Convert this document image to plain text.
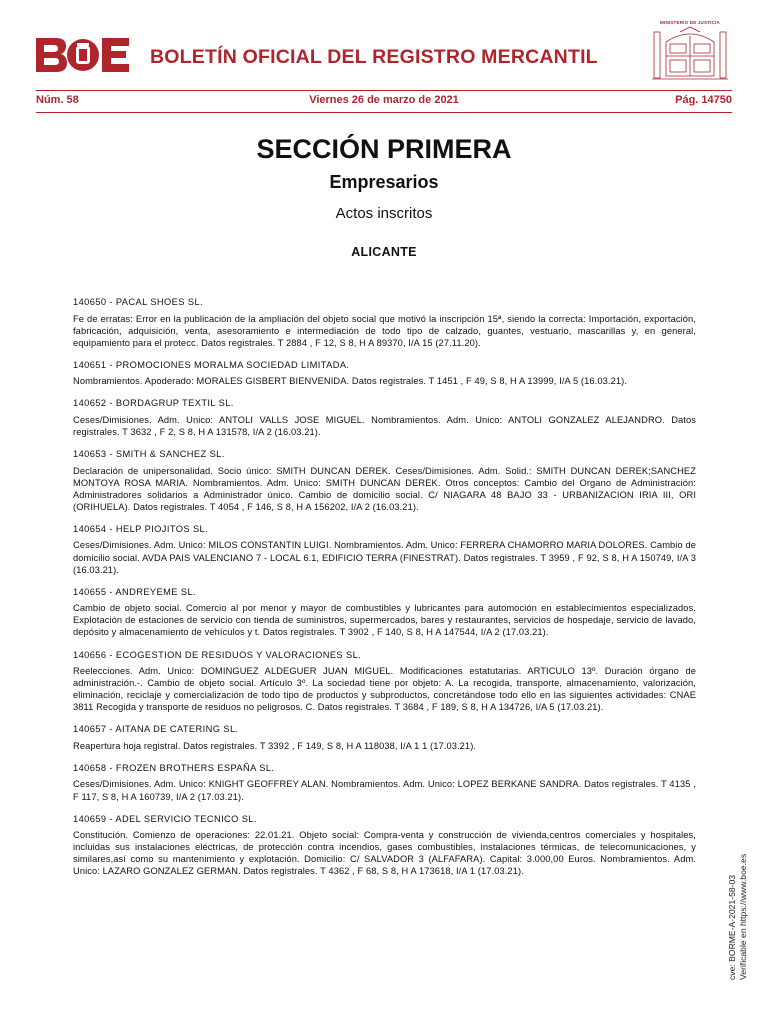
BOLETÍN OFICIAL DEL REGISTRO MERCANTIL
MINISTERIO DE JUSTICIA
Núm. 58	Viernes 26 de marzo de 2021	Pág. 14750
SECCIÓN PRIMERA
Empresarios
Actos inscritos
ALICANTE

140650 - PACAL SHOES SL.

Fe de erratas: Error en la publicación de la ampliación del objeto social que motivó la inscripción 15ª, siendo la correcta: Importación, exportación, fabricación, adquisición, venta, asesoramiento e intermediación de todo tipo de calzado, guantes, vestuario, mascarillas y, en general, equipamiento para el protecc. Datos registrales. T 2884 , F 12, S 8, H A 89370, I/A 15 (27.11.20).

140651 - PROMOCIONES MORALMA SOCIEDAD LIMITADA.

Nombramientos. Apoderado: MORALES GISBERT BIENVENIDA. Datos registrales. T 1451 , F 49, S 8, H A 13999, I/A 5 (16.03.21).

140652 - BORDAGRUP TEXTIL SL.

Ceses/Dimisiones. Adm. Unico: ANTOLI VALLS JOSE MIGUEL. Nombramientos. Adm. Unico: ANTOLI GONZALEZ ALEJANDRO. Datos registrales. T 3632 , F 2, S 8, H A 131578, I/A 2 (16.03.21).

140653 - SMITH & SANCHEZ SL.

Declaración de unipersonalidad. Socio único: SMITH DUNCAN DEREK. Ceses/Dimisiones. Adm. Solid.: SMITH DUNCAN DEREK;SANCHEZ MONTOYA ROSA MARIA. Nombramientos. Adm. Unico: SMITH DUNCAN DEREK. Otros conceptos: Cambio del Organo de Administración: Administradores solidarios a Administrador único. Cambio de domicilio social. C/ NIAGARA 48 BAJO 33 - URBANIZACION IRIA III, ORI (ORIHUELA). Datos registrales. T 4054 , F 146, S 8, H A 156202, I/A 2 (16.03.21).

140654 - HELP PIOJITOS SL.

Ceses/Dimisiones. Adm. Unico: MILOS CONSTANTIN LUIGI. Nombramientos. Adm. Unico: FERRERA CHAMORRO MARIA DOLORES. Cambio de domicilio social. AVDA PAIS VALENCIANO 7 - LOCAL 6.1, EDIFICIO TERRA (FINESTRAT). Datos registrales. T 3959 , F 92, S 8, H A 150749, I/A 3 (16.03.21).

140655 - ANDREYEME SL.

Cambio de objeto social. Comercio al por menor y mayor de combustibles y lubricantes para automoción en establecimientos especializados. Explotación de estaciones de servicio con tienda de suministros, supermercados, bares y restaurantes, servicios de hospedaje, servicio de lavado, depósito y almacenamiento de vehículos y t. Datos registrales. T 3902 , F 140, S 8, H A 147544, I/A 2 (17.03.21).

140656 - ECOGESTION DE RESIDUOS Y VALORACIONES SL.

Reelecciones. Adm. Unico: DOMINGUEZ ALDEGUER JUAN MIGUEL. Modificaciones estatutarias. ARTICULO 13º. Duración órgano de administración.-. Cambio de objeto social. Artículo 3º. La sociedad tiene por objeto: A. La recogida, transporte, almacenamiento, valorización, eliminación, reciclaje y comercialización de todo tipo de productos y subproductos, concretándose todo ello en las siguientes actividades: CNAE 3811 Recogida y transporte de residuos no peligrosos. C. Datos registrales. T 3684 , F 189, S 8, H A 134726, I/A 5 (17.03.21).

140657 - AITANA DE CATERING SL.

Reapertura hoja registral. Datos registrales. T 3392 , F 149, S 8, H A 118038, I/A 1 1 (17.03.21).

140658 - FROZEN BROTHERS ESPAÑA SL.

Ceses/Dimisiones. Adm. Unico: KNIGHT GEOFFREY ALAN. Nombramientos. Adm. Unico: LOPEZ BERKANE SANDRA. Datos registrales. T 4135 , F 117, S 8, H A 160739, I/A 2 (17.03.21).

140659 - ADEL SERVICIO TECNICO SL.

Constitución. Comienzo de operaciones: 22.01.21. Objeto social: Compra-venta y construcción de vivienda,centros comerciales y hospitales, incluidas sus instalaciones eléctricas, de protección contra incendios, gases combustibles, instalaciones térmicas, de telecomunicaciones, y similares,así como su mantenimiento y explotación. Domicilio: C/ SALVADOR 3 (ALFAFARA). Capital: 3.000,00 Euros. Nombramientos. Adm. Unico: LAZARO GONZALEZ GERMAN. Datos registrales. T 4362 , F 68, S 8, H A 173618, I/A 1 (17.03.21).

cve: BORME-A-2021-58-03 Verificable en https://www.boe.es
